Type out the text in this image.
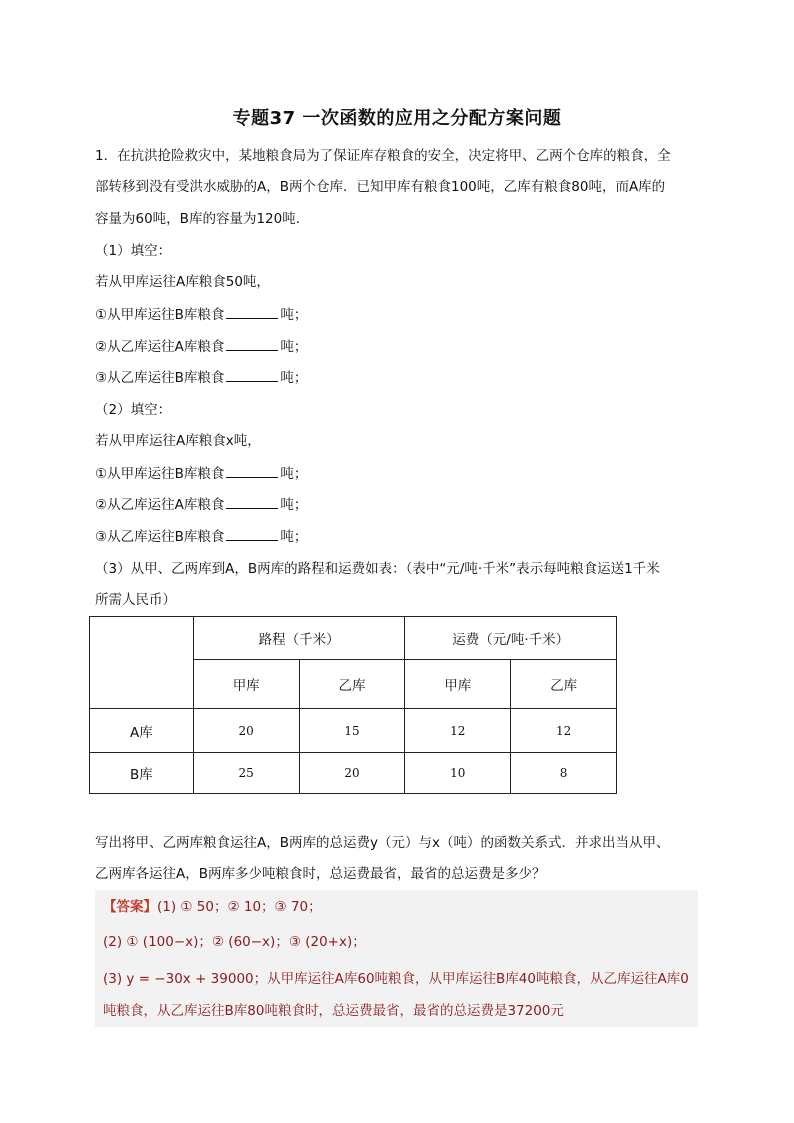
专题37 一次函数的应用之分配方案问题
1．在抗洪抢险救灾中，某地粮食局为了保证库存粮食的安全，决定将甲、乙两个仓库的粮食，全
部转移到没有受洪水威胁的A，B两个仓库．已知甲库有粮食100吨，乙库有粮食80吨，而A库的
容量为60吨，B库的容量为120吨．
（1）填空：
若从甲库运往A库粮食50吨，
①从甲库运往B库粮食	吨；
②从乙库运往A库粮食	吨；
③从乙库运往B库粮食	吨；
（2）填空：
若从甲库运往A库粮食x吨，
①从甲库运往B库粮食	吨；
②从乙库运往A库粮食	吨；
③从乙库运往B库粮食	吨；
（3）从甲、乙两库到A，B两库的路程和运费如表：（表中“元/吨·千米”表示每吨粮食运送1千米
所需人民币）
	路程（千米）		运费（元/吨·千米）	
	甲库	乙库	甲库	乙库
A库	20	15	12	12
B库	25	20	10	8
写出将甲、乙两库粮食运往A，B两库的总运费y（元）与x（吨）的函数关系式．并求出当从甲、
乙两库各运往A，B两库多少吨粮食时，总运费最省，最省的总运费是多少？
【答案】(1) ① 50；② 10；③ 70；
(2) ① (100−x)；② (60−x)；③ (20+x)；
(3) y = −30x + 39000；从甲库运往A库60吨粮食，从甲库运往B库40吨粮食，从乙库运往A库0
吨粮食，从乙库运往B库80吨粮食时，总运费最省，最省的总运费是37200元
